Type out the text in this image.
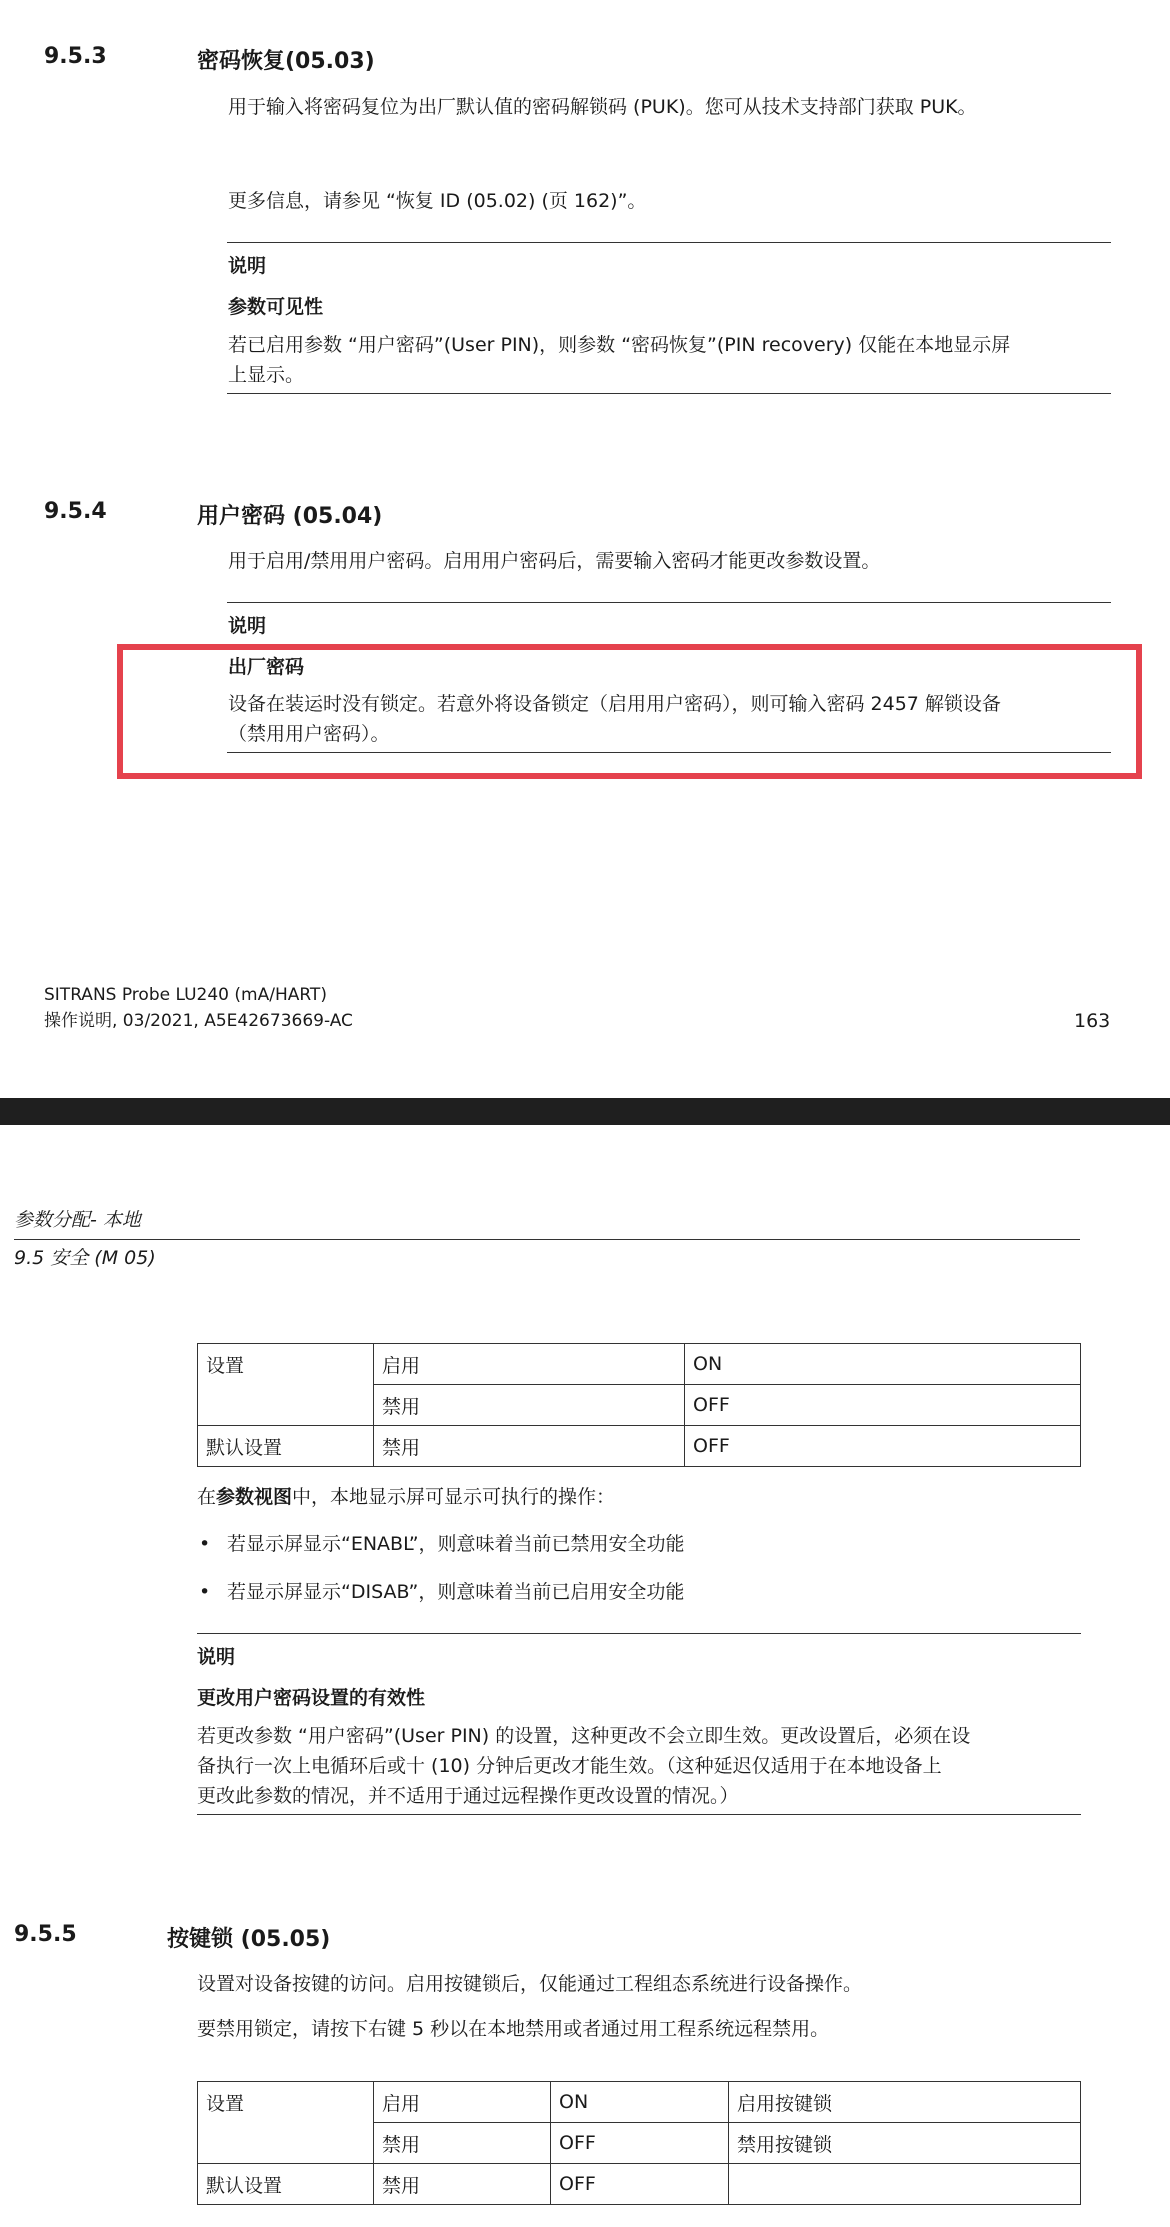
9.5.3	密码恢复(05.03)
用于输入将密码复位为出厂默认值的密码解锁码 (PUK)。您可从技术支持部门获取 PUK。
更多信息，请参见 “恢复 ID (05.02) (页 162)”。
说明
参数可见性
若已启用参数 “用户密码”(User PIN)，则参数 “密码恢复”(PIN recovery) 仅能在本地显示屏
上显示。
9.5.4	用户密码 (05.04)
用于启用/禁用用户密码。启用用户密码后，需要输入密码才能更改参数设置。
说明
出厂密码
设备在装运时没有锁定。若意外将设备锁定（启用用户密码），则可输入密码 2457 解锁设备
（禁用用户密码）。
SITRANS Probe LU240 (mA/HART)
操作说明, 03/2021, A5E42673669-AC	163
参数分配- 本地
9.5 安全 (M 05)
设置	启用	ON
	禁用	OFF
默认设置	禁用	OFF
在参数视图中，本地显示屏可显示可执行的操作：
• 若显示屏显示“ENABL”，则意味着当前已禁用安全功能
• 若显示屏显示“DISAB”，则意味着当前已启用安全功能
说明
更改用户密码设置的有效性
若更改参数 “用户密码”(User PIN) 的设置，这种更改不会立即生效。更改设置后，必须在设
备执行一次上电循环后或十 (10) 分钟后更改才能生效。（这种延迟仅适用于在本地设备上
更改此参数的情况，并不适用于通过远程操作更改设置的情况。）
9.5.5	按键锁 (05.05)
设置对设备按键的访问。启用按键锁后，仅能通过工程组态系统进行设备操作。
要禁用锁定，请按下右键 5 秒以在本地禁用或者通过用工程系统远程禁用。
设置	启用	ON	启用按键锁
	禁用	OFF	禁用按键锁
默认设置	禁用	OFF	
